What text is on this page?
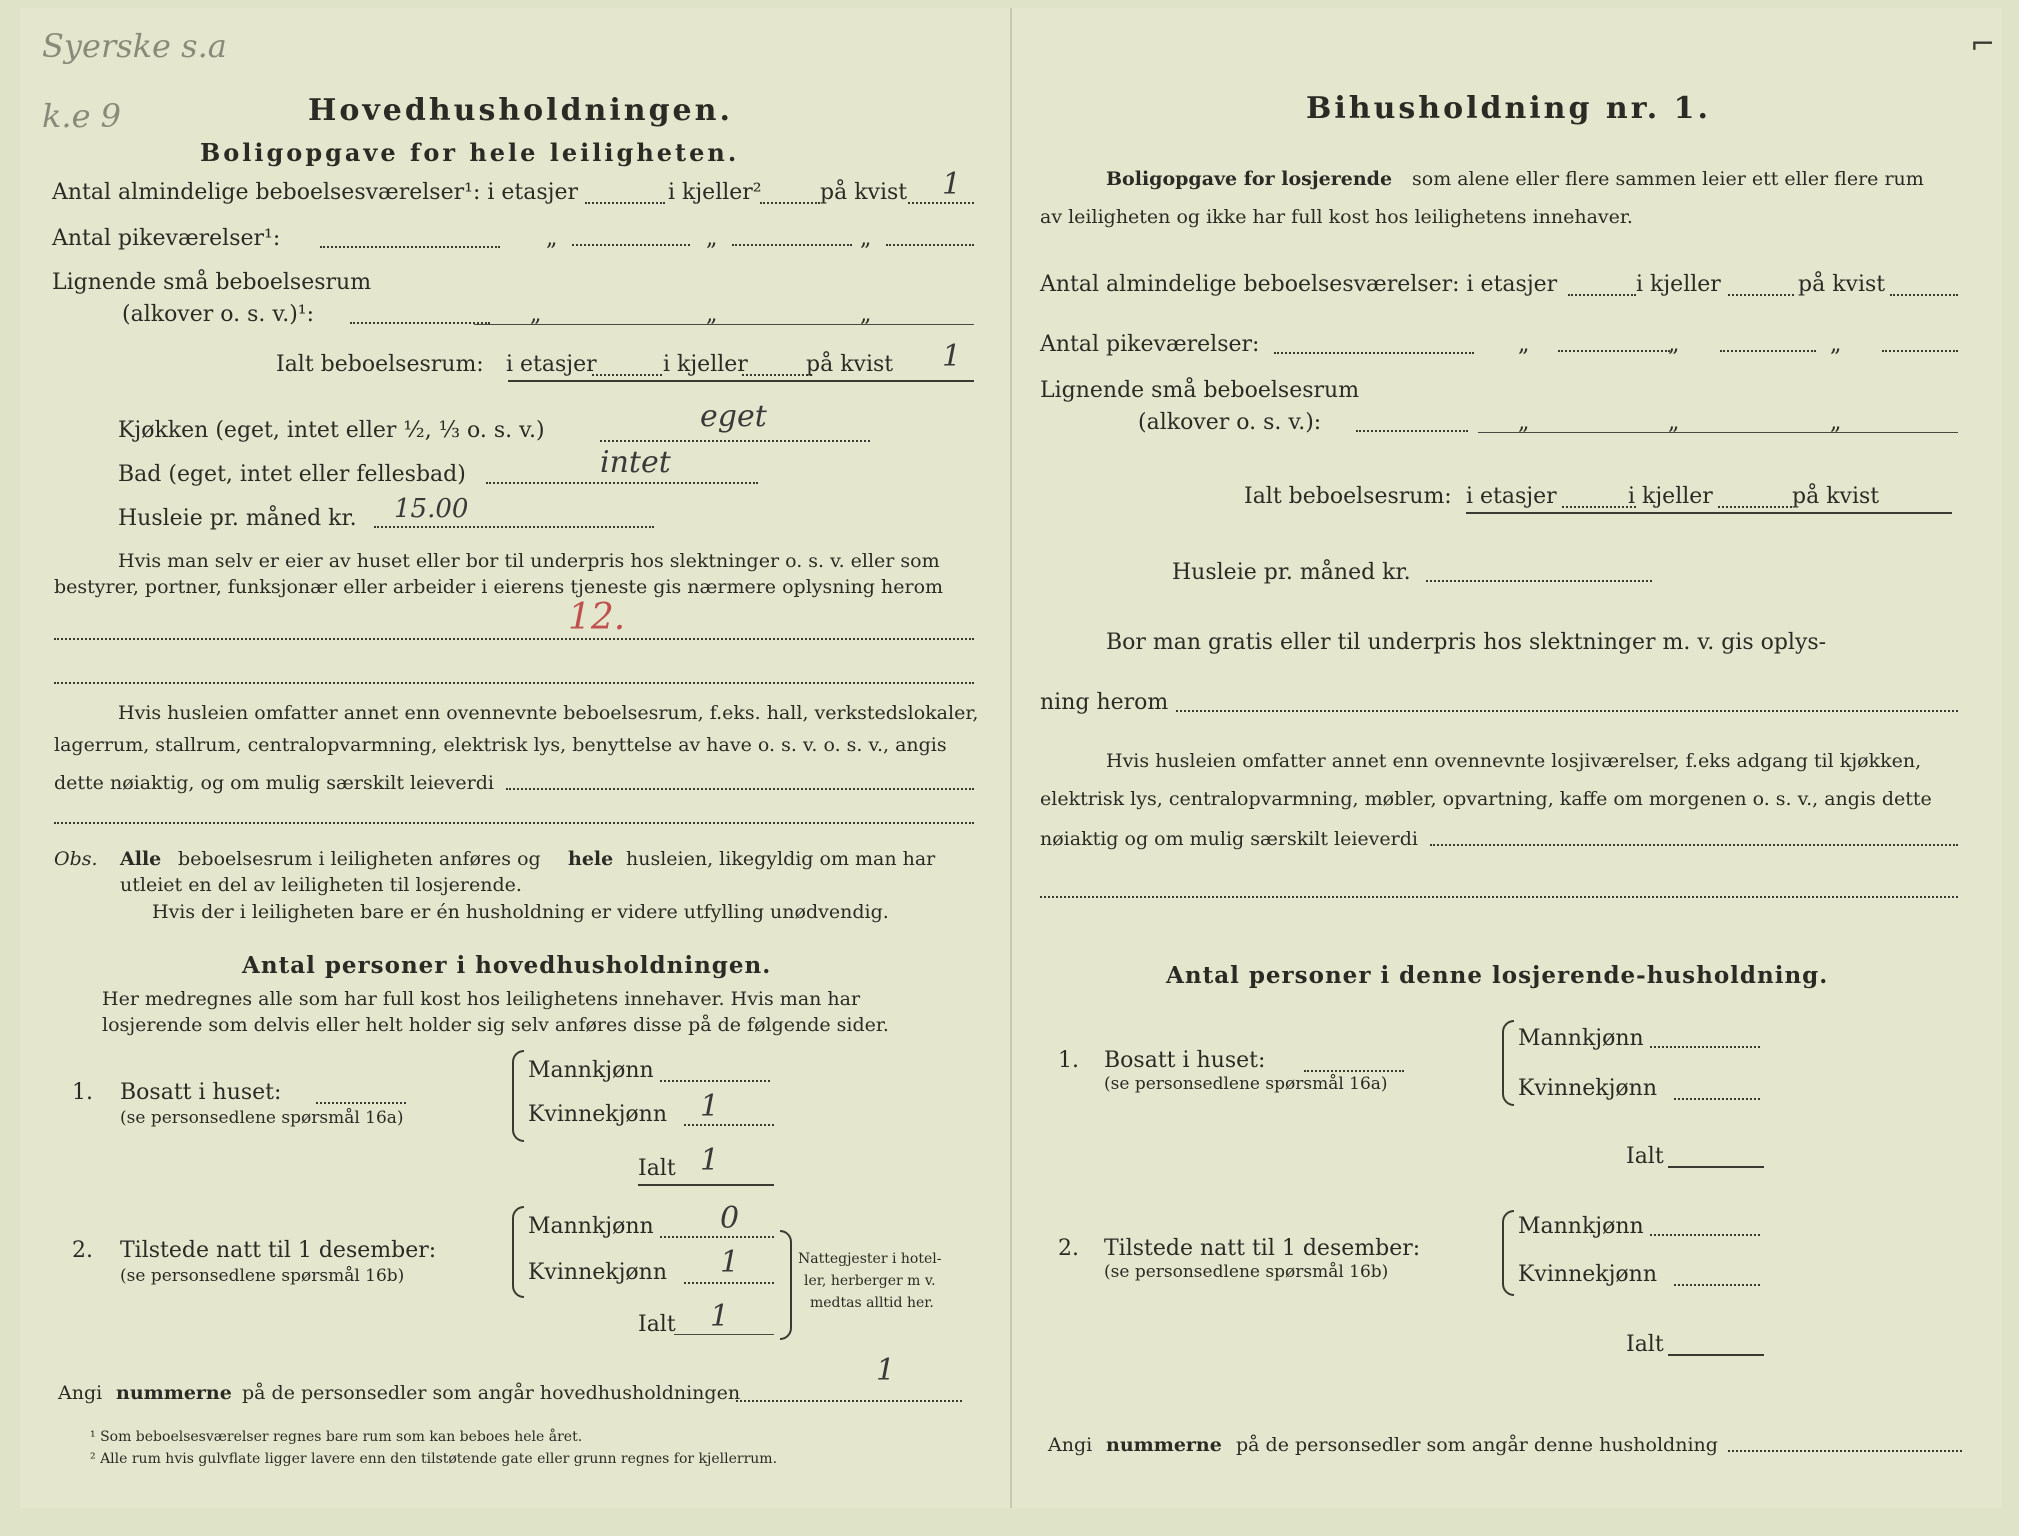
Syerske s.a
k.e 9	Hovedhusholdningen.
Boligopgave for hele leiligheten.
Antal almindelige beboelsesværelser¹: i etasjer	i kjeller²	på kvist 1
Antal pikeværelser¹:	„	„	„
Lignende små beboelsesrum
(alkover o. s. v.)¹:	„	„	„
Ialt beboelsesrum: i etasjer	i kjeller	på kvist 1
Kjøkken (eget, intet eller ½, ⅓ o. s. v.)	eget
Bad (eget, intet eller fellesbad)	intet
Husleie pr. måned kr. 15.00
Hvis man selv er eier av huset eller bor til underpris hos slektninger o. s. v. eller som
bestyrer, portner, funksjonær eller arbeider i eierens tjeneste gis nærmere oplysning herom
12.
Hvis husleien omfatter annet enn ovennevnte beboelsesrum, f.eks. hall, verkstedslokaler,
lagerrum, stallrum, centralopvarmning, elektrisk lys, benyttelse av have o. s. v. o. s. v., angis
dette nøiaktig, og om mulig særskilt leieverdi
Obs. Alle beboelsesrum i leiligheten anføres og hele husleien, likegyldig om man har
utleiet en del av leiligheten til losjerende.
Hvis der i leiligheten bare er én husholdning er videre utfylling unødvendig.
Antal personer i hovedhusholdningen.
Her medregnes alle som har full kost hos leilighetens innehaver. Hvis man har
losjerende som delvis eller helt holder sig selv anføres disse på de følgende sider.
1. Bosatt i huset:
(se personsedlene spørsmål 16a)
Mannkjønn
Kvinnekjønn 1
Ialt 1
2. Tilstede natt til 1 desember:
(se personsedlene spørsmål 16b)
Mannkjønn 0
Kvinnekjønn 1
Ialt 1
Nattegjester i hotel-
ler, herberger m v.
medtas alltid her.
Angi nummerne på de personsedler som angår hovedhusholdningen
1
¹ Som beboelsesværelser regnes bare rum som kan beboes hele året.
² Alle rum hvis gulvflate ligger lavere enn den tilstøtende gate eller grunn regnes for kjellerrum.
⌐
Bihusholdning nr. 1.
Boligopgave for losjerende som alene eller flere sammen leier ett eller flere rum
av leiligheten og ikke har full kost hos leilighetens innehaver.
Antal almindelige beboelsesværelser: i etasjer	i kjeller	på kvist
Antal pikeværelser:	„	„	„
Lignende små beboelsesrum
(alkover o. s. v.):	„	„	„
Ialt beboelsesrum: i etasjer	i kjeller	på kvist
Husleie pr. måned kr.
Bor man gratis eller til underpris hos slektninger m. v. gis oplys-
ning herom
Hvis husleien omfatter annet enn ovennevnte losjiværelser, f.eks adgang til kjøkken,
elektrisk lys, centralopvarmning, møbler, opvartning, kaffe om morgenen o. s. v., angis dette
nøiaktig og om mulig særskilt leieverdi
Antal personer i denne losjerende-husholdning.
1. Bosatt i huset:
(se personsedlene spørsmål 16a)
Mannkjønn
Kvinnekjønn
Ialt
2. Tilstede natt til 1 desember:
(se personsedlene spørsmål 16b)
Mannkjønn
Kvinnekjønn
Ialt
Angi nummerne på de personsedler som angår denne husholdning
